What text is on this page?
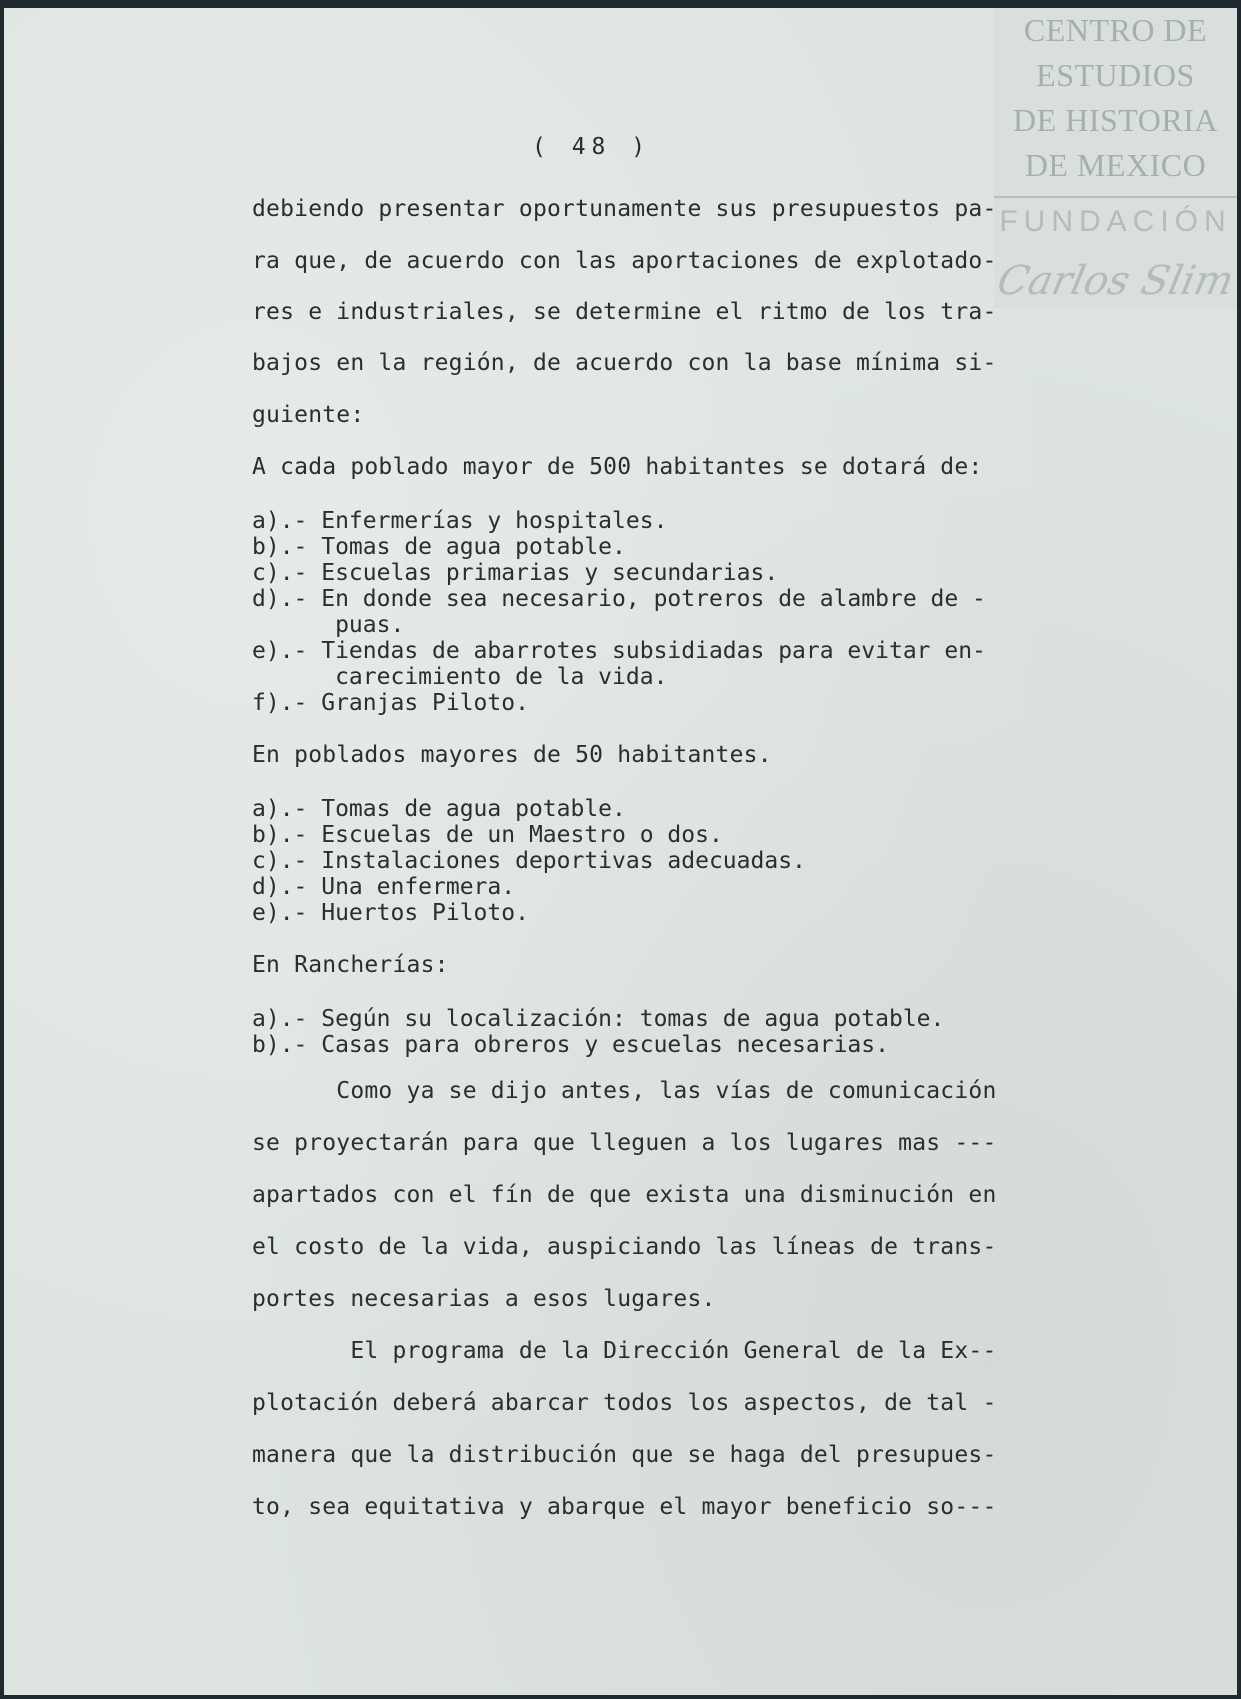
CENTRO DE
ESTUDIOS
DE HISTORIA
DE MEXICO
FUNDACIÓN
Carlos Slim
( 48 )
debiendo presentar oportunamente sus presupuestos pa-
ra que, de acuerdo con las aportaciones de explotado-
res e industriales, se determine el ritmo de los tra-
bajos en la región, de acuerdo con la base mínima si-
guiente:
A cada poblado mayor de 500 habitantes se dotará de:
a).- Enfermerías y hospitales.
b).- Tomas de agua potable.
c).- Escuelas primarias y secundarias.
d).- En donde sea necesario, potreros de alambre de -
puas.
e).- Tiendas de abarrotes subsidiadas para evitar en-
carecimiento de la vida.
f).- Granjas Piloto.
En poblados mayores de 50 habitantes.
a).- Tomas de agua potable.
b).- Escuelas de un Maestro o dos.
c).- Instalaciones deportivas adecuadas.
d).- Una enfermera.
e).- Huertos Piloto.
En Rancherías:
a).- Según su localización: tomas de agua potable.
b).- Casas para obreros y escuelas necesarias.
Como ya se dijo antes, las vías de comunicación
se proyectarán para que lleguen a los lugares mas ---
apartados con el fín de que exista una disminución en
el costo de la vida, auspiciando las líneas de trans-
portes necesarias a esos lugares.
El programa de la Dirección General de la Ex--
plotación deberá abarcar todos los aspectos, de tal -
manera que la distribución que se haga del presupues-
to, sea equitativa y abarque el mayor beneficio so---
